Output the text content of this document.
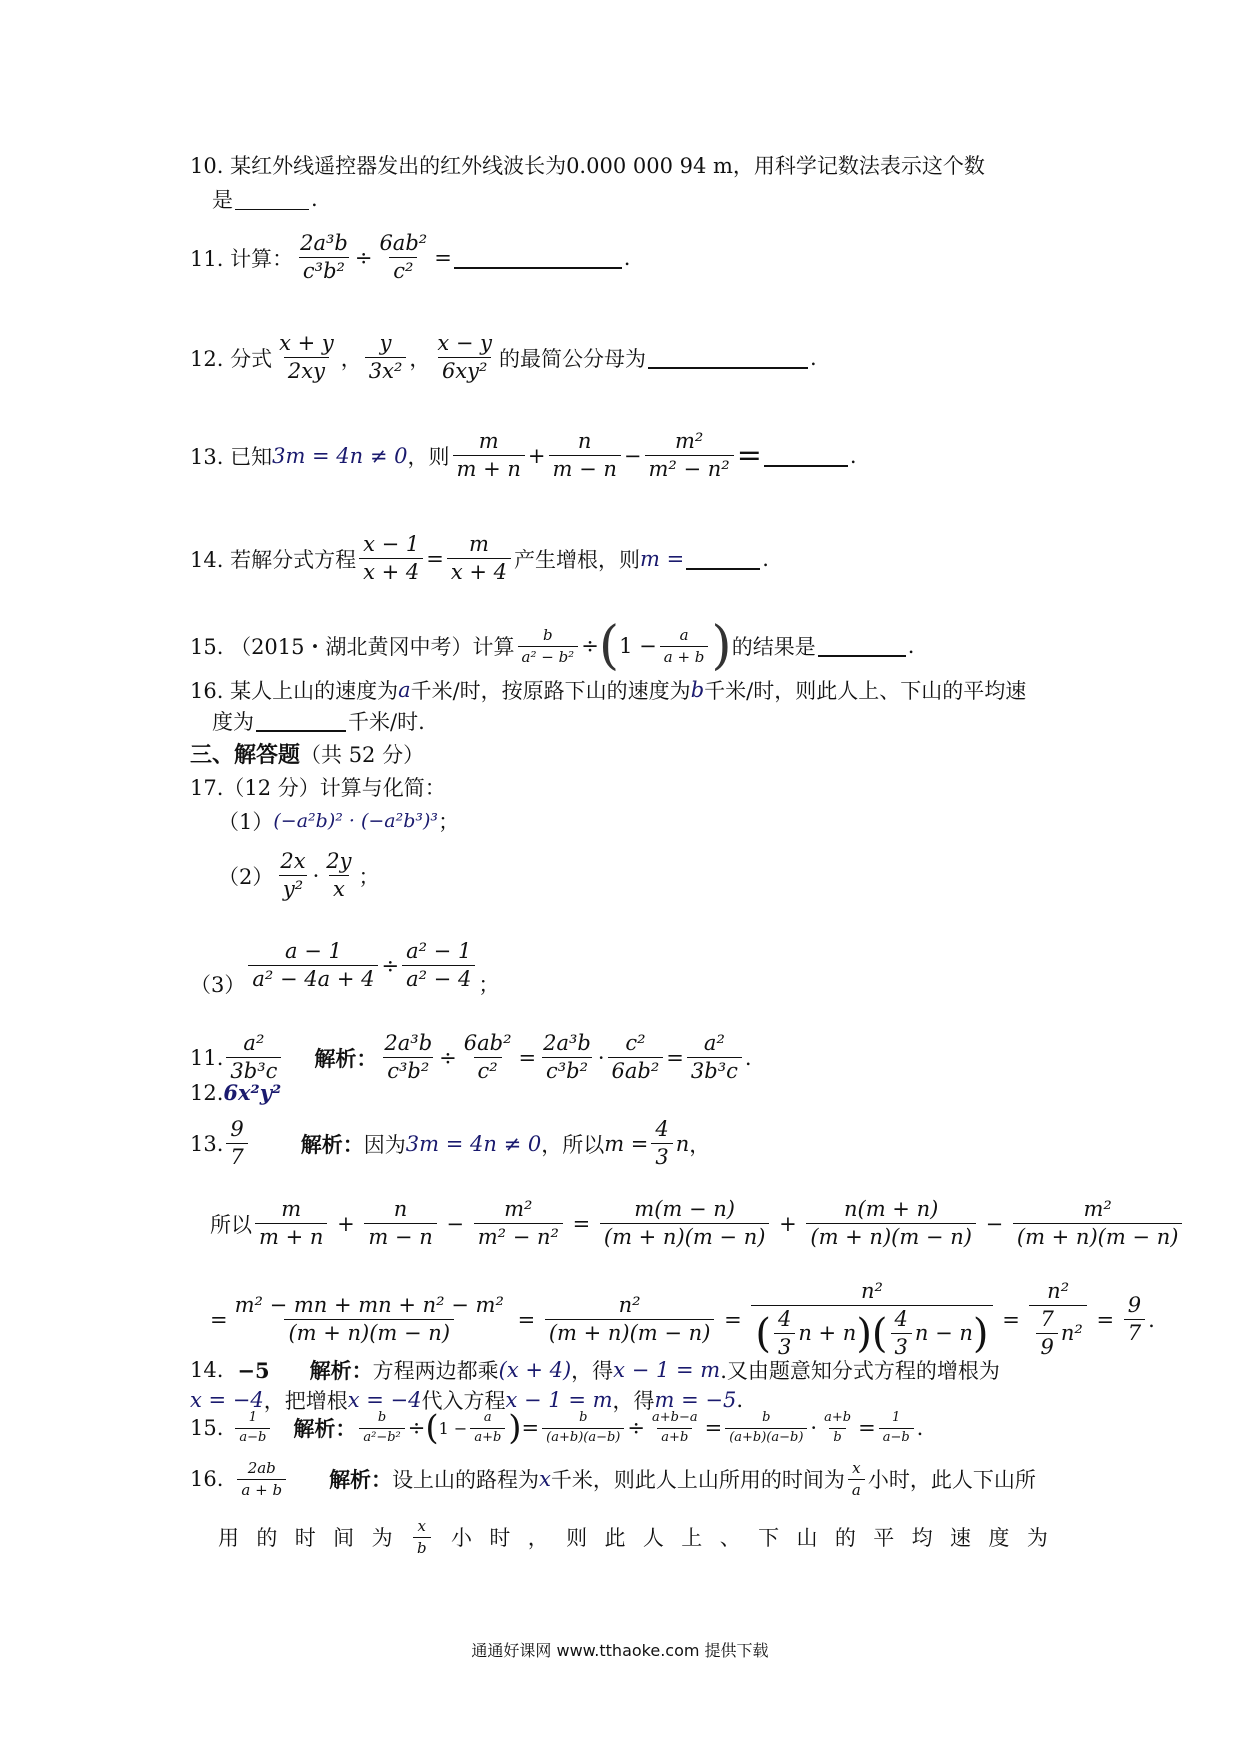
10. 某红外线遥控器发出的红外线波长为0.000 000 94 m，用科学记数法表示这个数
是	.
11. 计算： $\frac{\text{2a³b}}{\text{c³b²}} \div \frac{\text{6ab²}}{\text{c²}}$ =	.
12. 分式 $\frac{x + y}{2xy}$ ， $\frac{y}{\text{3x²}}$ ， $\frac{x - y}{\text{6xy²}}$ 的最简公分母为	.
13. 已知 3m = 4n ≠ 0 ，则 $\frac{m}{m + n} + \frac{n}{m - n} - \frac{\text{m²}}{\text{m² − n²}}$ =	.
14. 若解分式方程 $\frac{x - 1}{x + 4} = \frac{m}{x + 4}$ 产生增根，则 m =	.
15. （2015・湖北黄冈中考）计算 $\frac{b}{\text{a² − b²}}$ ÷ ( $1 - \frac{a}{a + b}$ ) 的结果是	.
16. 某人上山的速度为 a 千米/时，按原路下山的速度为 b 千米/时，则此人上、下山的平均速
度为	千米/时.
三、解答题 （共 52 分）
17.（12 分）计算与化简：
（1） (−a²b)² · (−a²b³)³ ；
$(2) \frac{2x}{\text{y²}} \cdot \frac{2y}{x}$ ；
$(3) \frac{a - 1}{\text{a² − 4a + 4}} \div \frac{\text{a² − 1}}{\text{a² − 4}}$ ；
11. $\frac{\text{a²}}{\text{3b³c}}$ 解析： $\frac{\text{2a³b}}{\text{c³b²}} \div \frac{\text{6ab²}}{\text{c²}} = \frac{\text{2a³b}}{\text{c³b²}} \cdot \frac{\text{c²}}{\text{6ab²}} = \frac{\text{a²}}{\text{3b³c}}$ .
12. 6x²y²
13. $\frac{9}{7}$	解析： 因为 3m = 4n ≠ 0 ，所以 $m = \frac{4}{3}$ n ，
所以 $\frac{m}{m + n} + \frac{n}{m - n} - \frac{\text{m²}}{\text{m² − n²}} = \frac{m(m - n)}{(m + n)(m - n)} + \frac{n(m + n)}{(m + n)(m - n)} - \frac{\text{m²}}{(m + n)(m - n)}$
= $\frac{\text{m² − mn + mn + n² − m²}}{(m + n)(m - n)} = \frac{\text{n²}}{(m + n)(m - n)} = \frac{\text{n²}}{( \frac{4}{3} n + n )( \frac{4}{3} n - n )} = \frac{\text{n²}}{\frac{7}{9} n^2} = \frac{9}{7}$ .
14. −5 解析： 方程两边都乘 (x + 4) ，得 x − 1 = m .又由题意知分式方程的增根为
x = −4 ，把增根 x = −4 代入方程 x − 1 = m ，得 m = −5 .
15. $\frac{1}{a-b}$ 解析： $\frac{b}{\text{a²−b²}}$ ÷ ( $1 - \frac{a}{a+b}$ ) = $\frac{b}{(a+b)(a-b)} \div \frac{a+b-a}{a+b} = \frac{b}{(a+b)(a-b)} \cdot \frac{a+b}{b} = \frac{1}{a-b}$ .
16. $\frac{2ab}{a + b}$ 解析： 设上山的路程为 x 千米，则此人上山所用的时间为 $\frac{x}{a}$ 小时，此人下山所
用 的 时 间 为 $\frac{x}{b}$ 小 时 ， 则 此 人 上 、 下 山 的 平 均 速 度 为
通通好课网 www.tthaoke.com 提供下载
